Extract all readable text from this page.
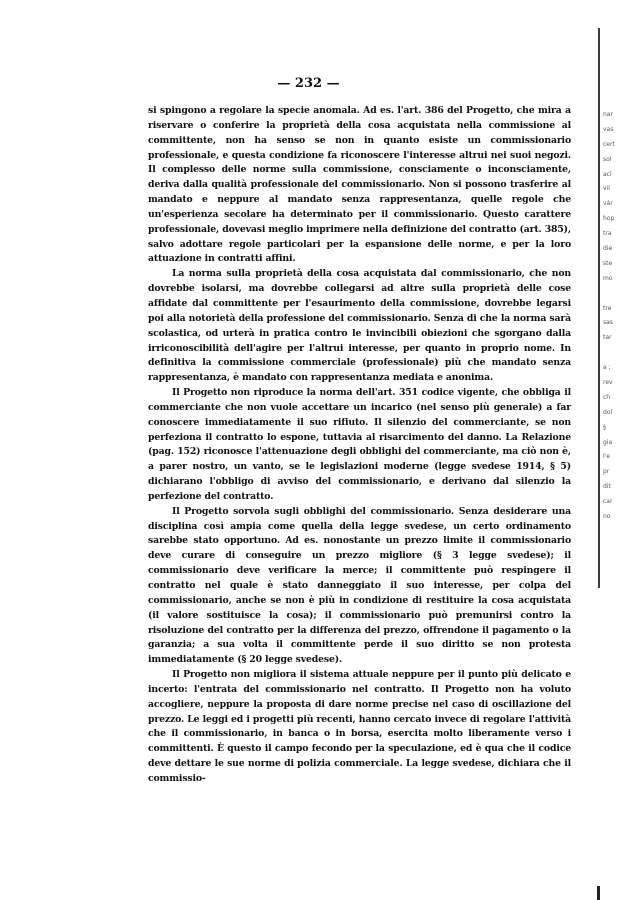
— 232 —

si spingono a regolare la specie anomala. Ad es. l'art. 386 del Progetto, che mira a riservare o conferire la proprietà della cosa acquistata nella commissione al committente, non ha senso se non in quanto esiste un commissionario professionale, e questa condizione fa riconoscere l'interesse altrui nei suoi negozi. Il complesso delle norme sulla commissione, consciamente o inconsciamente, deriva dalla qualità professionale del commissionario. Non si possono trasferire al mandato e neppure al mandato senza rappresentanza, quelle regole che un'esperienza secolare ha determinato per il commissionario. Questo carattere professionale, dovevasi meglio imprimere nella definizione del contratto (art. 385), salvo adottare regole particolari per la espansione delle norme, e per la loro attuazione in contratti affini.

La norma sulla proprietà della cosa acquistata dal commissionario, che non dovrebbe isolarsi, ma dovrebbe collegarsi ad altre sulla proprietà delle cose affidate dal committente per l'esaurimento della commissione, dovrebbe legarsi poi alla notorietà della professione del commissionario. Senza di che la norma sarà scolastica, od urterà in pratica contro le invincibili obiezioni che sgorgano dalla irriconoscibilità dell'agire per l'altrui interesse, per quanto in proprio nome. In definitiva la commissione commerciale (professionale) più che mandato senza rappresentanza, è mandato con rappresentanza mediata e anonima.

Il Progetto non riproduce la norma dell'art. 351 codice vigente, che obbliga il commerciante che non vuole accettare un incarico (nel senso più generale) a far conoscere immediatamente il suo rifiuto. Il silenzio del commerciante, se non perfeziona il contratto lo espone, tuttavia al risarcimento del danno. La Relazione (pag. 152) riconosce l'attenuazione degli obblighi del commerciante, ma ciò non è, a parer nostro, un vanto, se le legislazioni moderne (legge svedese 1914, § 5) dichiarano l'obbligo di avviso del commissionario, e derivano dal silenzio la perfezione del contratto.

Il Progetto sorvola sugli obblighi del commissionario. Senza desiderare una disciplina così ampia come quella della legge svedese, un certo ordinamento sarebbe stato opportuno. Ad es. nonostante un prezzo limite il commissionario deve curare di conseguire un prezzo migliore (§ 3 legge svedese); il commissionario deve verificare la merce; il committente può respingere il contratto nel quale è stato danneggiato il suo interesse, per colpa del commissionario, anche se non è più in condizione di restituire la cosa acquistata (il valore sostituisce la cosa); il commissionario può premunirsi contro la risoluzione del contratto per la differenza del prezzo, offrendone il pagamento o la garanzia; a sua volta il committente perde il suo diritto se non protesta immediatamente (§ 20 legge svedese).

Il Progetto non migliora il sistema attuale neppure per il punto più delicato e incerto: l'entrata del commissionario nel contratto. Il Progetto non ha voluto accogliere, neppure la proposta di dare norme precise nel caso di oscillazione del prezzo. Le leggi ed i progetti più recenti, hanno cercato invece di regolare l'attività che il commissionario, in banca o in borsa, esercita molto liberamente verso i committenti. È questo il campo fecondo per la speculazione, ed è qua che il codice deve dettare le sue norme di polizia commerciale. La legge svedese, dichiara che il commissio-

nar
vas
cert
sol
acl
vil
vár
hop
tra
die
ste
mo
tre
sas
tar
a ;
rev
ch
dol
§
gia
l'e
pr
dit
car
no
